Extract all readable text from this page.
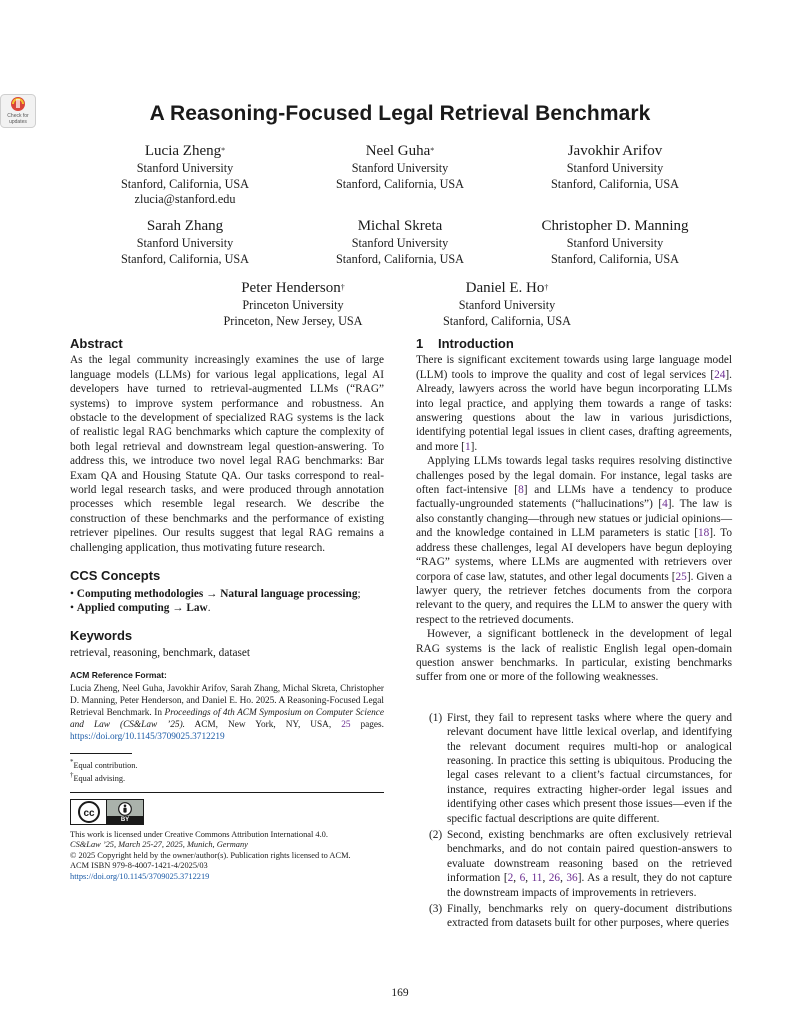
Check for updates	A Reasoning-Focused Legal Retrieval Benchmark
Lucia Zheng*
Stanford University
Stanford, California, USA
zlucia@stanford.edu
Neel Guha*
Stanford University
Stanford, California, USA
Javokhir Arifov
Stanford University
Stanford, California, USA
Sarah Zhang
Stanford University
Stanford, California, USA
Michal Skreta
Stanford University
Stanford, California, USA
Christopher D. Manning
Stanford University
Stanford, California, USA
Peter Henderson†
Princeton University
Princeton, New Jersey, USA
Daniel E. Ho†
Stanford University
Stanford, California, USA
Abstract
As the legal community increasingly examines the use of large language models (LLMs) for various legal applications, legal AI developers have turned to retrieval-augmented LLMs (“RAG” systems) to improve system performance and robustness. An obstacle to the development of specialized RAG systems is the lack of realistic legal RAG benchmarks which capture the complexity of both legal retrieval and downstream legal question-answering. To address this, we introduce two novel legal RAG benchmarks: Bar Exam QA and Housing Statute QA. Our tasks correspond to real-world legal research tasks, and were produced through annotation processes which resemble legal research. We describe the construction of these benchmarks and the performance of existing retriever pipelines. Our results suggest that legal RAG remains a challenging application, thus motivating future research.
CCS Concepts
• Computing methodologies → Natural language processing;
• Applied computing → Law.
Keywords
retrieval, reasoning, benchmark, dataset
ACM Reference Format:
Lucia Zheng, Neel Guha, Javokhir Arifov, Sarah Zhang, Michal Skreta, Christopher D. Manning, Peter Henderson, and Daniel E. Ho. 2025. A Reasoning-Focused Legal Retrieval Benchmark. In Proceedings of 4th ACM Symposium on Computer Science and Law (CS&Law ’25). ACM, New York, NY, USA, 25 pages. https://doi.org/10.1145/3709025.3712219
*Equal contribution.
†Equal advising.
cc
BY
This work is licensed under Creative Commons Attribution International 4.0.
CS&Law ’25, March 25-27, 2025, Munich, Germany
© 2025 Copyright held by the owner/author(s). Publication rights licensed to ACM.
ACM ISBN 979-8-4007-1421-4/2025/03
https://doi.org/10.1145/3709025.3712219
1 Introduction
There is significant excitement towards using large language model (LLM) tools to improve the quality and cost of legal services [24]. Already, lawyers across the world have begun incorporating LLMs into legal practice, and applying them towards a range of tasks: answering questions about the law in various jurisdictions, identifying potential legal issues in client cases, drafting agreements, and more [1].
Applying LLMs towards legal tasks requires resolving distinctive challenges posed by the legal domain. For instance, legal tasks are often fact-intensive [8] and LLMs have a tendency to produce factually-ungrounded statements (“hallucinations”) [4]. The law is also constantly changing—through new statues or judicial opinions—and the knowledge contained in LLM parameters is static [18]. To address these challenges, legal AI developers have begun deploying “RAG” systems, where LLMs are augmented with retrievers over corpora of case law, statutes, and other legal documents [25]. Given a lawyer query, the retriever fetches documents from the corpora relevant to the query, and requires the LLM to answer the query with respect to the retrieved documents.
However, a significant bottleneck in the development of legal RAG systems is the lack of realistic English legal open-domain question answer benchmarks. In particular, existing benchmarks suffer from one or more of the following weaknesses.
(1) First, they fail to represent tasks where where the query and relevant document have little lexical overlap, and identifying the relevant document requires multi-hop or analogical reasoning. In practice this setting is ubiquitous. Producing the legal cases relevant to a client’s factual circumstances, for instance, requires extracting higher-order legal issues and identifying other cases which present those issues—even if the specific factual descriptions are quite different.
(2) Second, existing benchmarks are often exclusively retrieval benchmarks, and do not contain paired question-answers to evaluate downstream reasoning based on the retrieved information [2, 6, 11, 26, 36]. As a result, they do not capture the downstream impacts of improvements in retrievers.
(3) Finally, benchmarks rely on query-document distributions extracted from datasets built for other purposes, where queries
169
